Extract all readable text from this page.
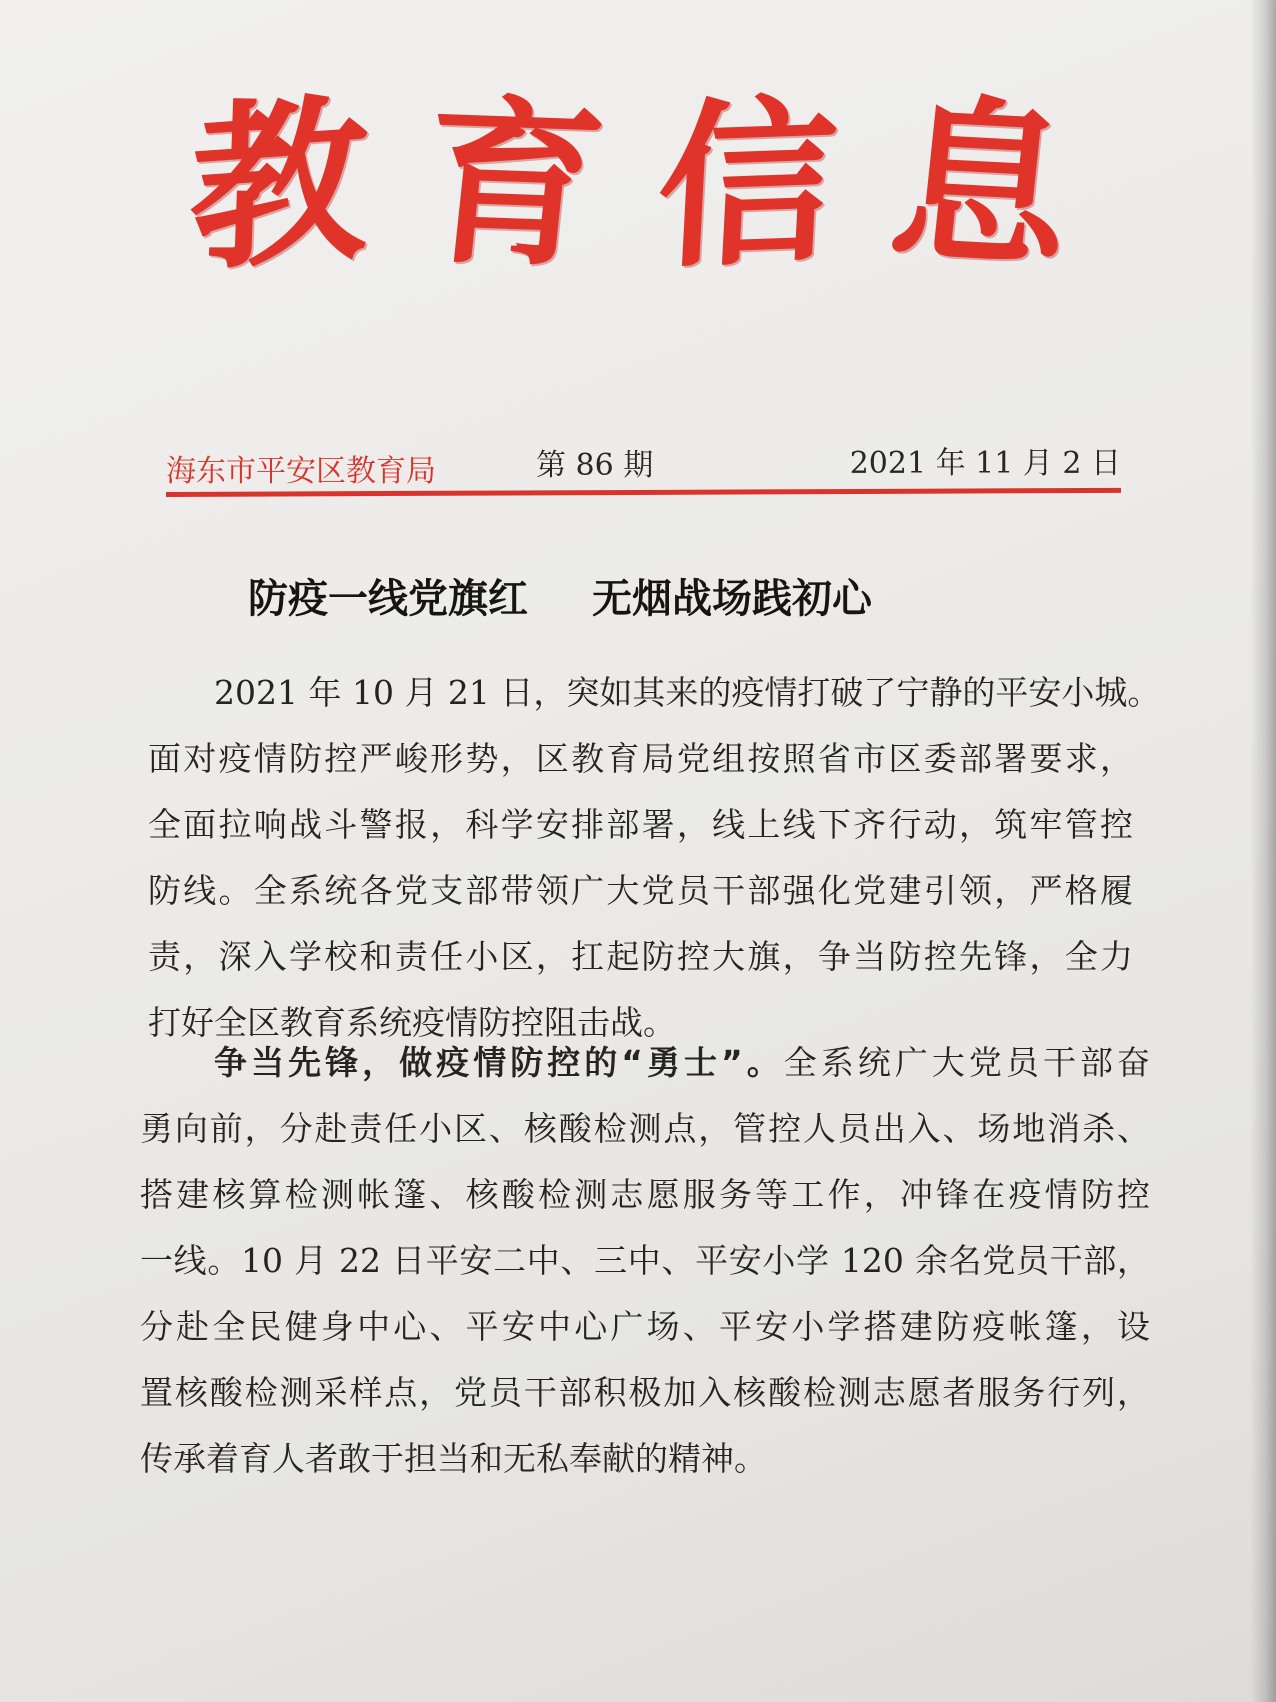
教 育 信 息
海东市平安区教育局	第 86 期	2021 年 11 月 2 日
防疫一线党旗红 无烟战场践初心

　　2021 年 10 月 21 日，突如其来的疫情打破了宁静的平安小城。

面对疫情防控严峻形势，区教育局党组按照省市区委部署要求，

全面拉响战斗警报，科学安排部署，线上线下齐行动，筑牢管控

防线。全系统各党支部带领广大党员干部强化党建引领，严格履

责，深入学校和责任小区，扛起防控大旗，争当防控先锋，全力

打好全区教育系统疫情防控阻击战。

　　争当先锋，做疫情防控的“勇士”。全系统广大党员干部奋

勇向前，分赴责任小区、核酸检测点，管控人员出入、场地消杀、

搭建核算检测帐篷、核酸检测志愿服务等工作，冲锋在疫情防控

一线。10 月 22 日平安二中、三中、平安小学 120 余名党员干部，

分赴全民健身中心、平安中心广场、平安小学搭建防疫帐篷，设

置核酸检测采样点，党员干部积极加入核酸检测志愿者服务行列，

传承着育人者敢于担当和无私奉献的精神。
